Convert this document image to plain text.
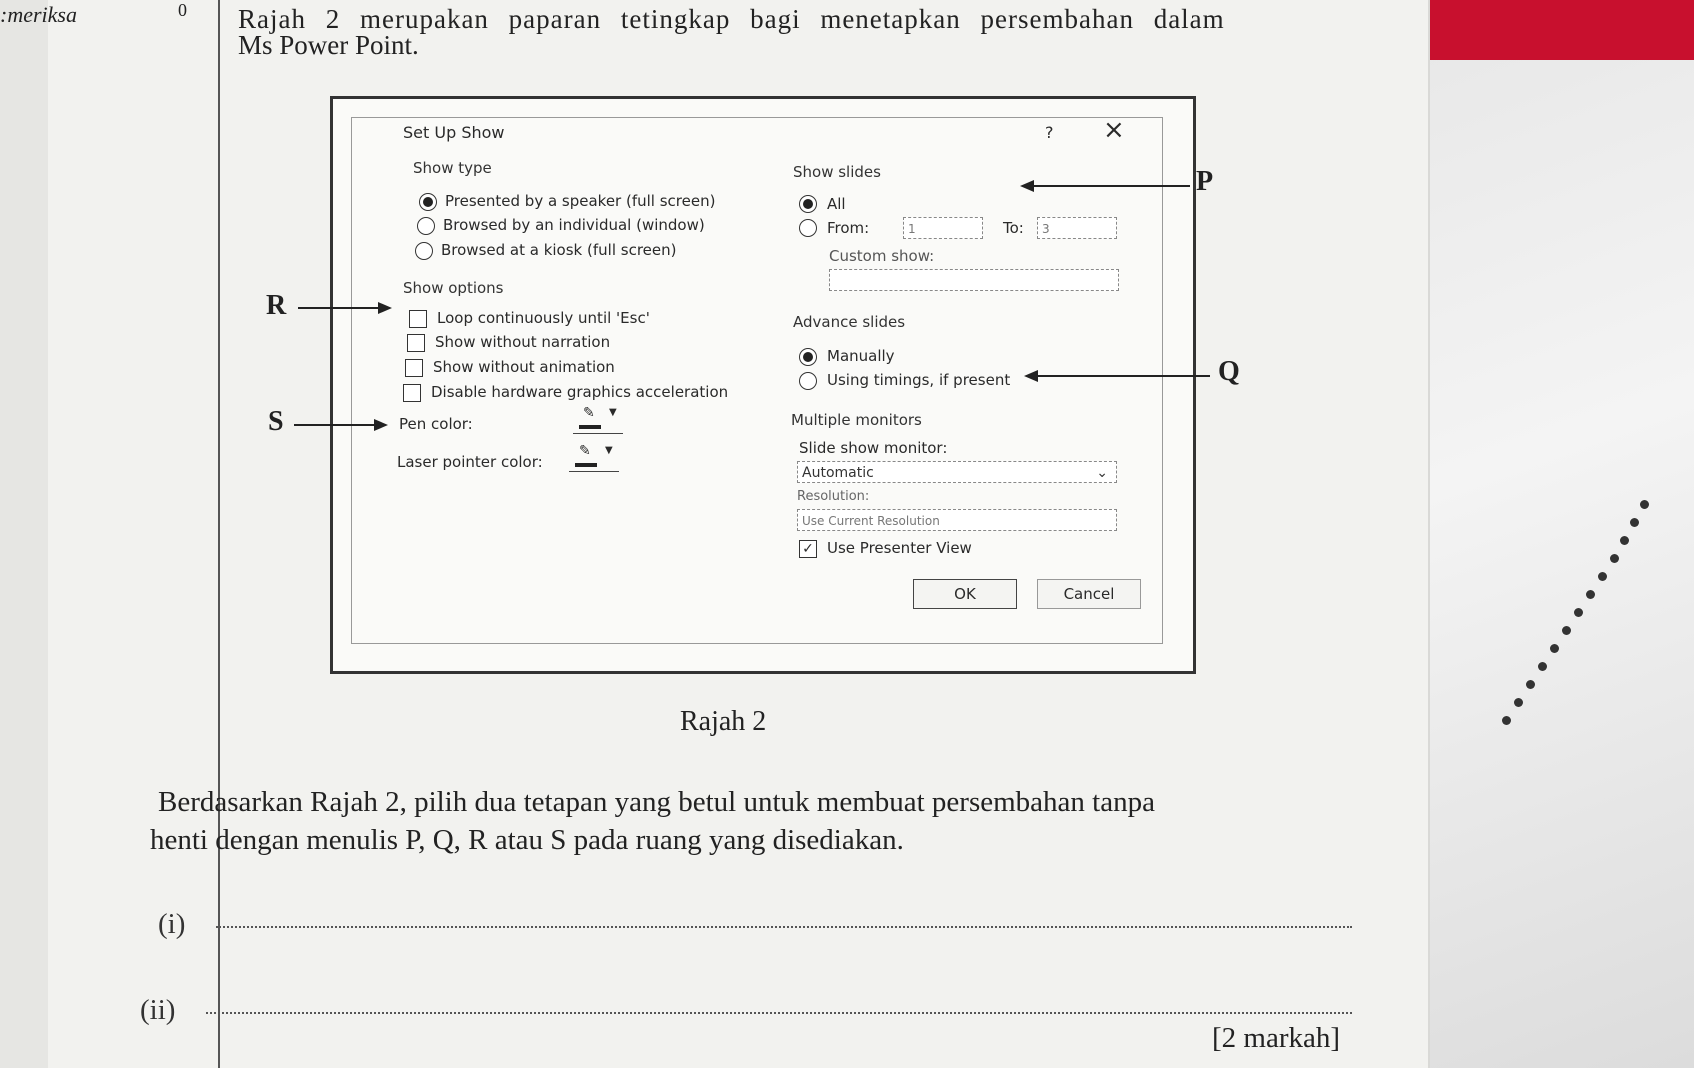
:meriksa	0 Rajah 2 merupakan paparan tetingkap bagi menetapkan persembahan dalam
Ms Power Point.
Set Up Show	? ×
Show type
Presented by a speaker (full screen)
Browsed by an individual (window)
Browsed at a kiosk (full screen)
Show slides
All
From:	1	To:	3
Custom show:
Show options
Loop continuously until 'Esc'
Show without narration
Show without animation
Disable hardware graphics acceleration
Pen color:
✎ ▼
Laser pointer color:
✎ ▼
Advance slides
Manually
Using timings, if present
Multiple monitors
Slide show monitor:
Automatic	⌄
Resolution:
Use Current Resolution
✓ Use Presenter View
OK	Cancel
P
Q
R
S
Rajah 2
Berdasarkan Rajah 2, pilih dua tetapan yang betul untuk membuat persembahan tanpa
henti dengan menulis P, Q, R atau S pada ruang yang disediakan.
(i)
(ii)
[2 markah]
